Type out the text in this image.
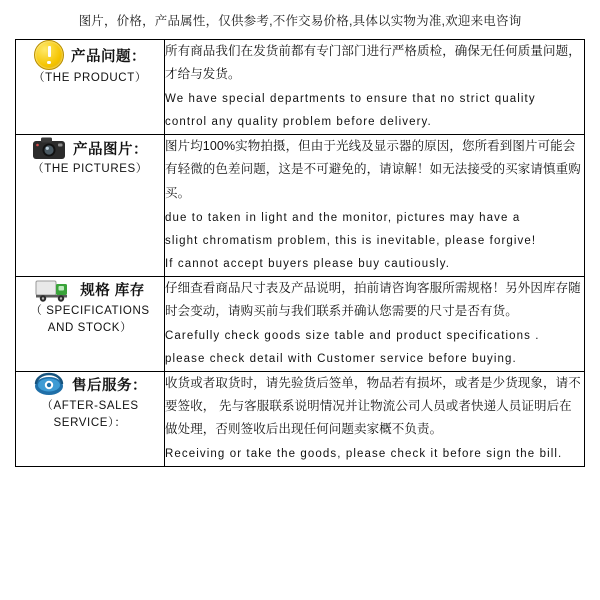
图片，价格，产品属性，仅供参考,不作交易价格,具体以实物为准,欢迎来电咨询
产品问题：
（THE PRODUCT）

所有商品我们在发货前都有专门部门进行严格质检，确保无任何质量问题，才给与发货。
We have special departments to ensure that no strict quality
control any quality problem before delivery.

产品图片：
（THE PICTURES）

图片均100%实物拍摄，但由于光线及显示器的原因，您所看到图片可能会有轻微的色差问题，这是不可避免的，请谅解！如无法接受的买家请慎重购买。
due to taken in light and the monitor, pictures may have a
slight chromatism problem, this is inevitable, please forgive!
If cannot accept buyers please buy cautiously.

规格 库存
（ SPECIFICATIONS
AND STOCK）

仔细查看商品尺寸表及产品说明，拍前请咨询客服所需规格！另外因库存随时会变动，请购买前与我们联系并确认您需要的尺寸是否有货。
Carefully check goods size table and product specifications .
please check detail with Customer service before buying.

售后服务：
（AFTER-SALES
SERVICE）：

收货或者取货时，请先验货后签单，物品若有损坏，或者是少货现象，请不要签收， 先与客服联系说明情况并让物流公司人员或者快递人员证明后在做处理，否则签收后出现任何问题卖家概不负责。
Receiving or take the goods, please check it before sign the bill.
